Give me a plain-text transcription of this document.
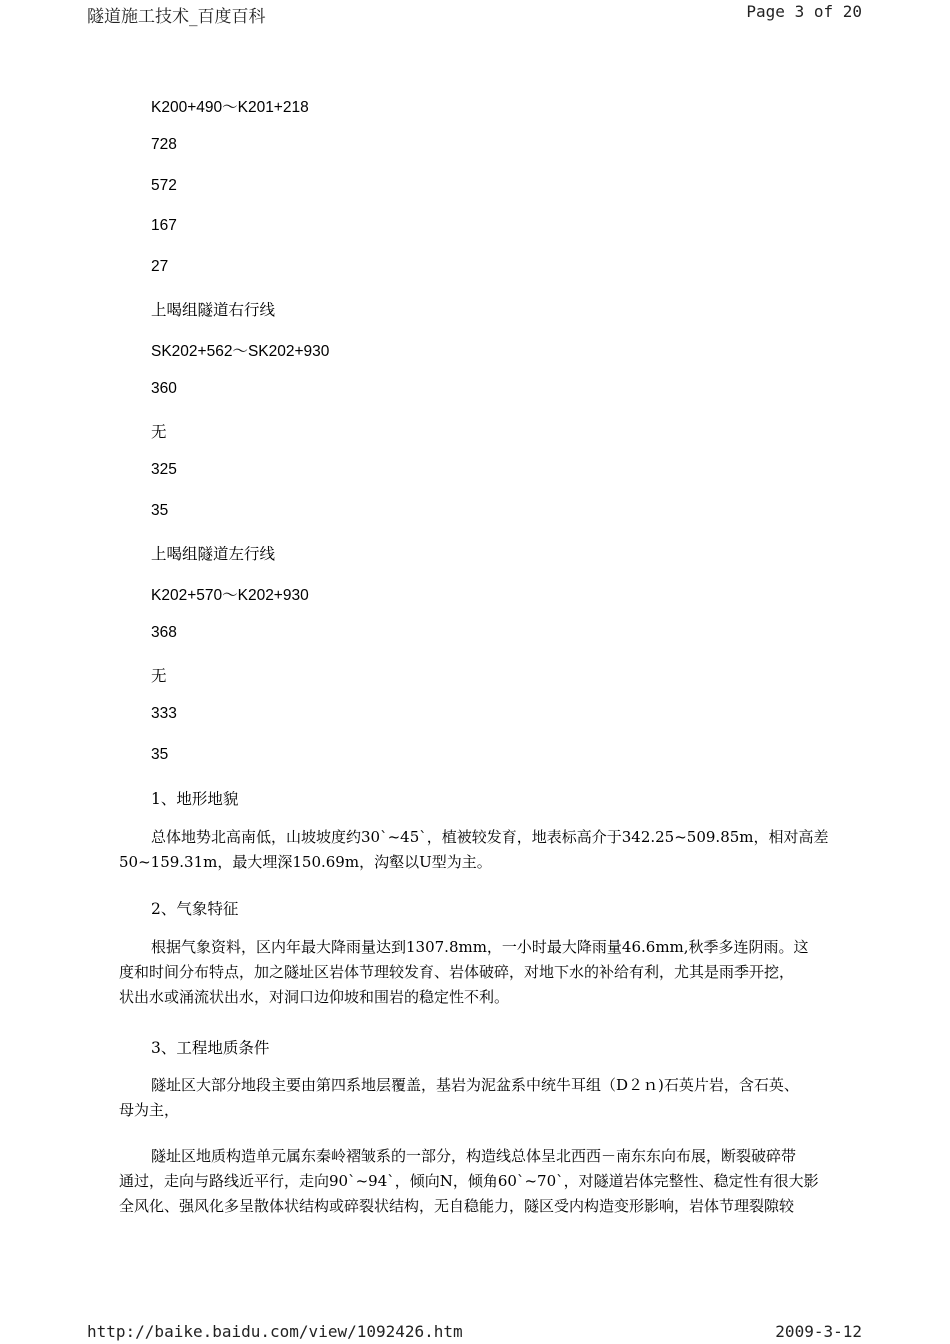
隧道施工技术_百度百科	Page 3 of 20
K200+490～K201+218
728
572
167
27
上喝组隧道右行线
SK202+562～SK202+930
360
无
325
35
上喝组隧道左行线
K202+570～K202+930
368
无
333
35
1、地形地貌
总体地势北高南低，山坡坡度约30`~45`，植被较发育，地表标高介于342.25~509.85m，相对高差
50~159.31m，最大埋深150.69m，沟壑以U型为主。
2、气象特征
根据气象资料，区内年最大降雨量达到1307.8mm，一小时最大降雨量46.6mm,秋季多连阴雨。这
度和时间分布特点，加之隧址区岩体节理较发育、岩体破碎，对地下水的补给有利，尤其是雨季开挖，
状出水或涌流状出水，对洞口边仰坡和围岩的稳定性不利。
3、工程地质条件
隧址区大部分地段主要由第四系地层覆盖，基岩为泥盆系中统牛耳组（D２ｎ)石英片岩，含石英、
母为主，
隧址区地质构造单元属东秦岭褶皱系的一部分，构造线总体呈北西西－南东东向布展，断裂破碎带
通过，走向与路线近平行，走向90`~94`，倾向N，倾角60`~70`，对隧道岩体完整性、稳定性有很大影
全风化、强风化多呈散体状结构或碎裂状结构，无自稳能力，隧区受内构造变形影响，岩体节理裂隙较
http://baike.baidu.com/view/1092426.htm	2009-3-12
